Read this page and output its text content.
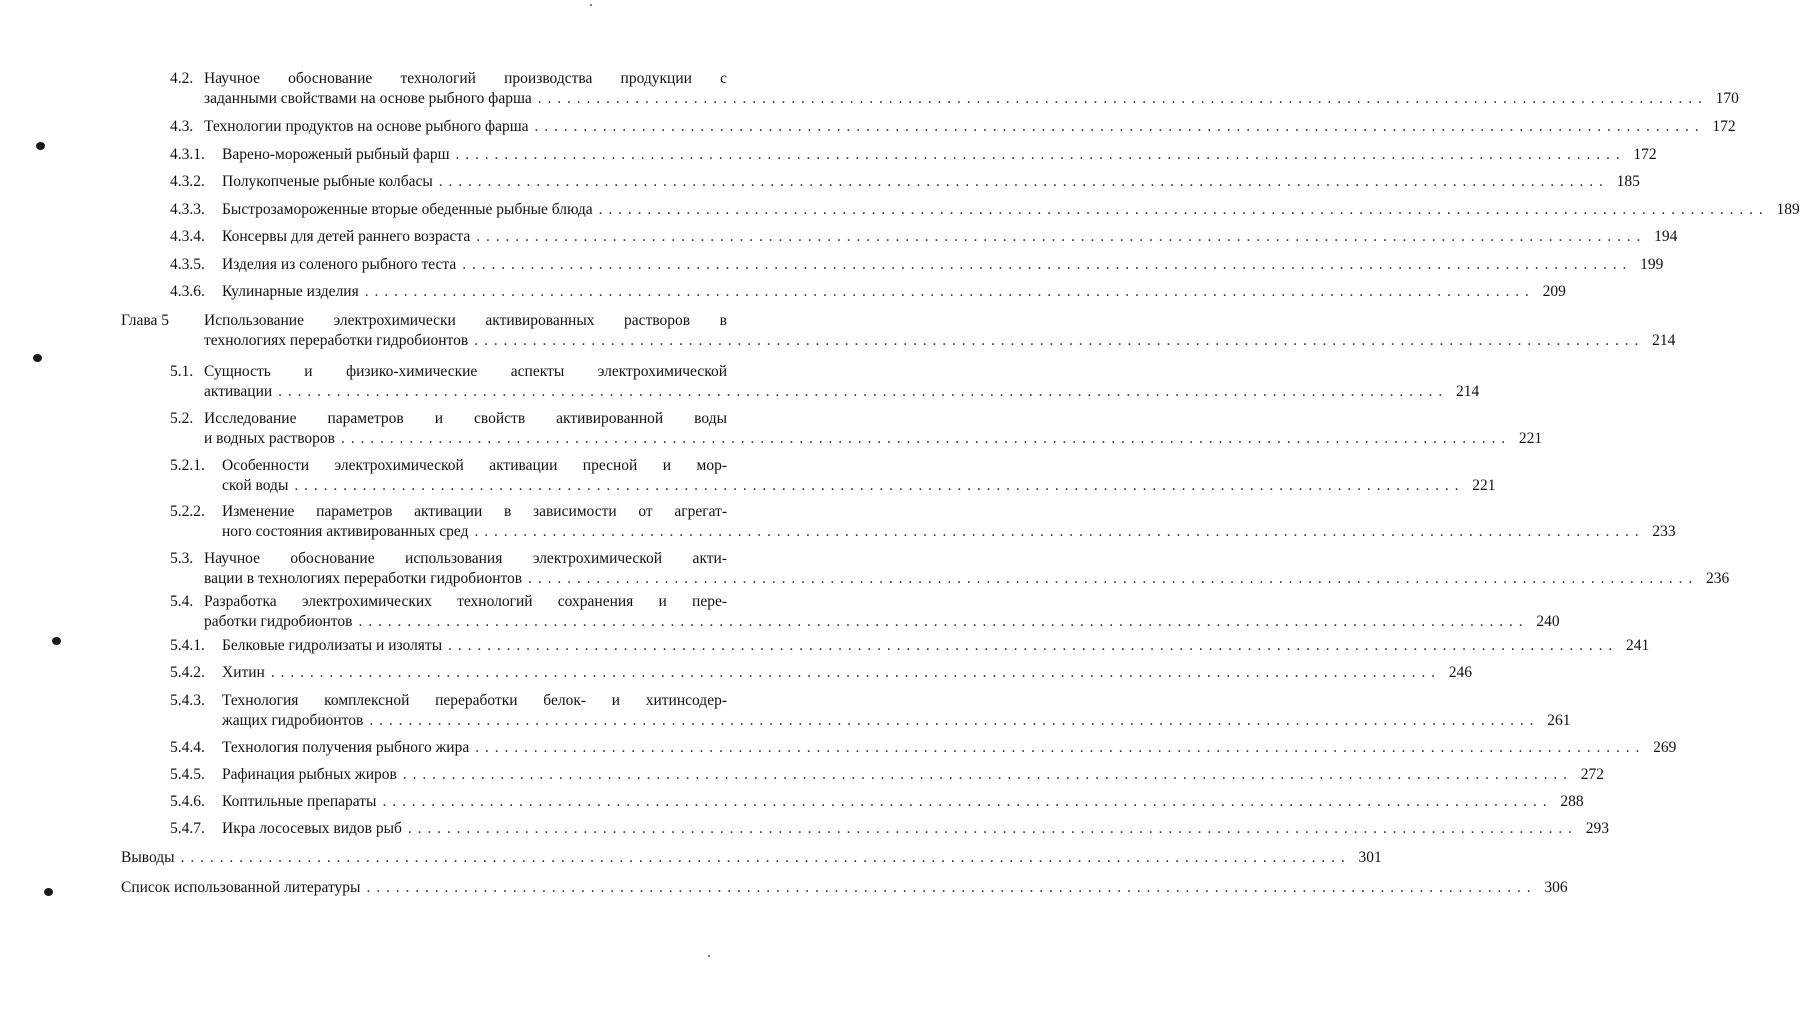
4.2. Научное обоснование технологий производства продукции с
заданными свойствами на основе рыбного фарша . . . . . . . . . . . . . . . . . . . . . . . . . . . . . . . . . . . . . . . . . . . . . . . . . . . . . . . . . . . . . . . . . . . . . . . . . . . . . . . . . . . . . . . . . . . . . . . . . . . . . . . . . . . . . . . . . . . . . . . . 170
4.3. Технологии продуктов на основе рыбного фарша . . . . . . . . . . . . . . . . . . . . . . . . . . . . . . . . . . . . . . . . . . . . . . . . . . . . . . . . . . . . . . . . . . . . . . . . . . . . . . . . . . . . . . . . . . . . . . . . . . . . . . . . . . . . . . . . . . . . . . . . 172
4.3.1. Варено-мороженый рыбный фарш . . . . . . . . . . . . . . . . . . . . . . . . . . . . . . . . . . . . . . . . . . . . . . . . . . . . . . . . . . . . . . . . . . . . . . . . . . . . . . . . . . . . . . . . . . . . . . . . . . . . . . . . . . . . . . . . . . . . . . . . 172
4.3.2. Полукопченые рыбные колбасы . . . . . . . . . . . . . . . . . . . . . . . . . . . . . . . . . . . . . . . . . . . . . . . . . . . . . . . . . . . . . . . . . . . . . . . . . . . . . . . . . . . . . . . . . . . . . . . . . . . . . . . . . . . . . . . . . . . . . . . . 185
4.3.3. Быстрозамороженные вторые обеденные рыбные блюда . . . . . . . . . . . . . . . . . . . . . . . . . . . . . . . . . . . . . . . . . . . . . . . . . . . . . . . . . . . . . . . . . . . . . . . . . . . . . . . . . . . . . . . . . . . . . . . . . . . . . . . . . . . . . . . . . . . . . . . . 189
4.3.4. Консервы для детей раннего возраста . . . . . . . . . . . . . . . . . . . . . . . . . . . . . . . . . . . . . . . . . . . . . . . . . . . . . . . . . . . . . . . . . . . . . . . . . . . . . . . . . . . . . . . . . . . . . . . . . . . . . . . . . . . . . . . . . . . . . . . . 194
4.3.5. Изделия из соленого рыбного теста . . . . . . . . . . . . . . . . . . . . . . . . . . . . . . . . . . . . . . . . . . . . . . . . . . . . . . . . . . . . . . . . . . . . . . . . . . . . . . . . . . . . . . . . . . . . . . . . . . . . . . . . . . . . . . . . . . . . . . . . 199
4.3.6. Кулинарные изделия . . . . . . . . . . . . . . . . . . . . . . . . . . . . . . . . . . . . . . . . . . . . . . . . . . . . . . . . . . . . . . . . . . . . . . . . . . . . . . . . . . . . . . . . . . . . . . . . . . . . . . . . . . . . . . . . . . . . . . . . 209
Глава 5 Использование электрохимически активированных растворов в
технологиях переработки гидробионтов . . . . . . . . . . . . . . . . . . . . . . . . . . . . . . . . . . . . . . . . . . . . . . . . . . . . . . . . . . . . . . . . . . . . . . . . . . . . . . . . . . . . . . . . . . . . . . . . . . . . . . . . . . . . . . . . . . . . . . . . 214
5.1. Сущность и физико-химические аспекты электрохимической
активации . . . . . . . . . . . . . . . . . . . . . . . . . . . . . . . . . . . . . . . . . . . . . . . . . . . . . . . . . . . . . . . . . . . . . . . . . . . . . . . . . . . . . . . . . . . . . . . . . . . . . . . . . . . . . . . . . . . . . . . . 214
5.2. Исследование параметров и свойств активированной воды
и водных растворов . . . . . . . . . . . . . . . . . . . . . . . . . . . . . . . . . . . . . . . . . . . . . . . . . . . . . . . . . . . . . . . . . . . . . . . . . . . . . . . . . . . . . . . . . . . . . . . . . . . . . . . . . . . . . . . . . . . . . . . . 221
5.2.1. Особенности электрохимической активации пресной и мор-
ской воды . . . . . . . . . . . . . . . . . . . . . . . . . . . . . . . . . . . . . . . . . . . . . . . . . . . . . . . . . . . . . . . . . . . . . . . . . . . . . . . . . . . . . . . . . . . . . . . . . . . . . . . . . . . . . . . . . . . . . . . . 221
5.2.2. Изменение параметров активации в зависимости от агрегат-
ного состояния активированных сред . . . . . . . . . . . . . . . . . . . . . . . . . . . . . . . . . . . . . . . . . . . . . . . . . . . . . . . . . . . . . . . . . . . . . . . . . . . . . . . . . . . . . . . . . . . . . . . . . . . . . . . . . . . . . . . . . . . . . . . . 233
5.3. Научное обоснование использования электрохимической акти-
вации в технологиях переработки гидробионтов . . . . . . . . . . . . . . . . . . . . . . . . . . . . . . . . . . . . . . . . . . . . . . . . . . . . . . . . . . . . . . . . . . . . . . . . . . . . . . . . . . . . . . . . . . . . . . . . . . . . . . . . . . . . . . . . . . . . . . . . 236
5.4. Разработка электрохимических технологий сохранения и пере-
работки гидробионтов . . . . . . . . . . . . . . . . . . . . . . . . . . . . . . . . . . . . . . . . . . . . . . . . . . . . . . . . . . . . . . . . . . . . . . . . . . . . . . . . . . . . . . . . . . . . . . . . . . . . . . . . . . . . . . . . . . . . . . . . 240
5.4.1. Белковые гидролизаты и изоляты . . . . . . . . . . . . . . . . . . . . . . . . . . . . . . . . . . . . . . . . . . . . . . . . . . . . . . . . . . . . . . . . . . . . . . . . . . . . . . . . . . . . . . . . . . . . . . . . . . . . . . . . . . . . . . . . . . . . . . . . 241
5.4.2. Хитин . . . . . . . . . . . . . . . . . . . . . . . . . . . . . . . . . . . . . . . . . . . . . . . . . . . . . . . . . . . . . . . . . . . . . . . . . . . . . . . . . . . . . . . . . . . . . . . . . . . . . . . . . . . . . . . . . . . . . . . . 246
5.4.3. Технология комплексной переработки белок- и хитинсодер-
жащих гидробионтов . . . . . . . . . . . . . . . . . . . . . . . . . . . . . . . . . . . . . . . . . . . . . . . . . . . . . . . . . . . . . . . . . . . . . . . . . . . . . . . . . . . . . . . . . . . . . . . . . . . . . . . . . . . . . . . . . . . . . . . . 261
5.4.4. Технология получения рыбного жира . . . . . . . . . . . . . . . . . . . . . . . . . . . . . . . . . . . . . . . . . . . . . . . . . . . . . . . . . . . . . . . . . . . . . . . . . . . . . . . . . . . . . . . . . . . . . . . . . . . . . . . . . . . . . . . . . . . . . . . . 269
5.4.5. Рафинация рыбных жиров . . . . . . . . . . . . . . . . . . . . . . . . . . . . . . . . . . . . . . . . . . . . . . . . . . . . . . . . . . . . . . . . . . . . . . . . . . . . . . . . . . . . . . . . . . . . . . . . . . . . . . . . . . . . . . . . . . . . . . . . 272
5.4.6. Коптильные препараты . . . . . . . . . . . . . . . . . . . . . . . . . . . . . . . . . . . . . . . . . . . . . . . . . . . . . . . . . . . . . . . . . . . . . . . . . . . . . . . . . . . . . . . . . . . . . . . . . . . . . . . . . . . . . . . . . . . . . . . . 288
5.4.7. Икра лососевых видов рыб . . . . . . . . . . . . . . . . . . . . . . . . . . . . . . . . . . . . . . . . . . . . . . . . . . . . . . . . . . . . . . . . . . . . . . . . . . . . . . . . . . . . . . . . . . . . . . . . . . . . . . . . . . . . . . . . . . . . . . . . 293
Выводы . . . . . . . . . . . . . . . . . . . . . . . . . . . . . . . . . . . . . . . . . . . . . . . . . . . . . . . . . . . . . . . . . . . . . . . . . . . . . . . . . . . . . . . . . . . . . . . . . . . . . . . . . . . . . . . . . . . . . . . . 301
Список использованной литературы . . . . . . . . . . . . . . . . . . . . . . . . . . . . . . . . . . . . . . . . . . . . . . . . . . . . . . . . . . . . . . . . . . . . . . . . . . . . . . . . . . . . . . . . . . . . . . . . . . . . . . . . . . . . . . . . . . . . . . . . 306
